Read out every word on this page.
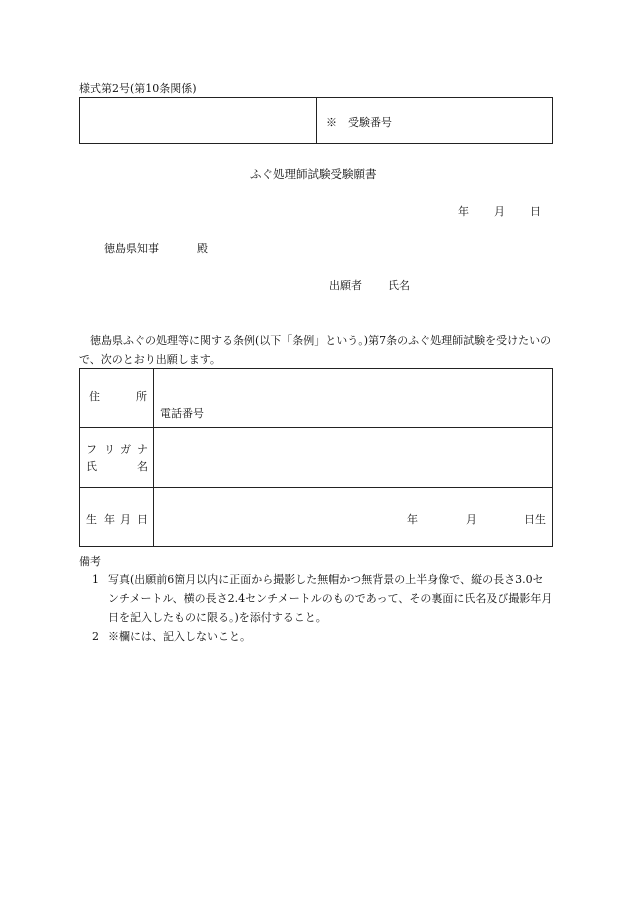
様式第2号(第10条関係)
※　受験番号
ふぐ処理師試験受験願書
年 月 日
徳島県知事	殿
出願者 氏名
徳島県ふぐの処理等に関する条例(以下「条例」という。)第7条のふぐ処理師試験を受けたいので、次のとおり出願します。
住	所
電話番号
フ リ ガ ナ
氏	名
生 年 月 日	年	月	日生
備考
1 写真(出願前6箇月以内に正面から撮影した無帽かつ無背景の上半身像で、縦の長さ3.0センチメートル、横の長さ2.4センチメートルのものであって、その裏面に氏名及び撮影年月日を記入したものに限る。)を添付すること。
2 ※欄には、記入しないこと。
